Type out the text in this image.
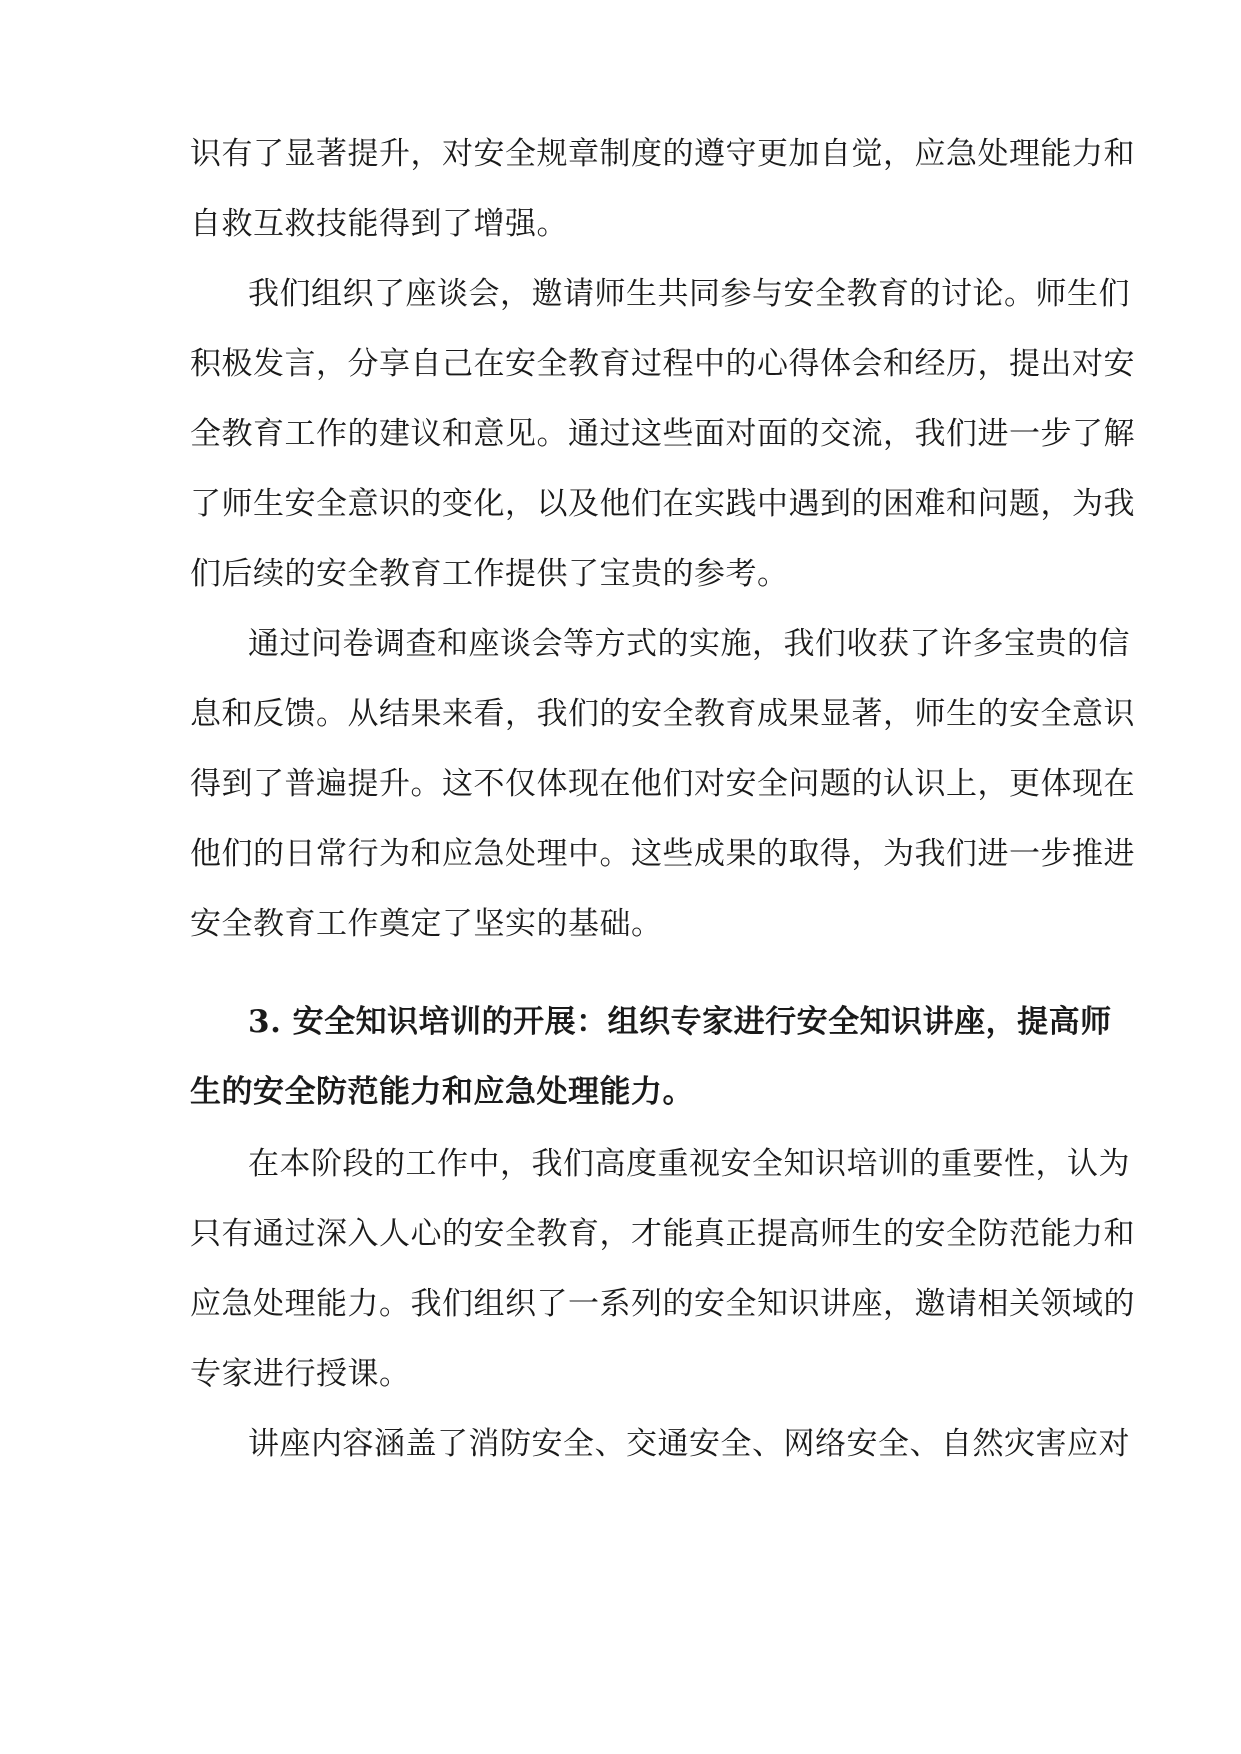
识有了显著提升，对安全规章制度的遵守更加自觉，应急处理能力和
自救互救技能得到了增强。
我们组织了座谈会，邀请师生共同参与安全教育的讨论。师生们
积极发言，分享自己在安全教育过程中的心得体会和经历，提出对安
全教育工作的建议和意见。通过这些面对面的交流，我们进一步了解
了师生安全意识的变化，以及他们在实践中遇到的困难和问题，为我
们后续的安全教育工作提供了宝贵的参考。
通过问卷调查和座谈会等方式的实施，我们收获了许多宝贵的信
息和反馈。从结果来看，我们的安全教育成果显著，师生的安全意识
得到了普遍提升。这不仅体现在他们对安全问题的认识上，更体现在
他们的日常行为和应急处理中。这些成果的取得，为我们进一步推进
安全教育工作奠定了坚实的基础。
3. 安全知识培训的开展：组织专家进行安全知识讲座，提高师
生的安全防范能力和应急处理能力。
在本阶段的工作中，我们高度重视安全知识培训的重要性，认为
只有通过深入人心的安全教育，才能真正提高师生的安全防范能力和
应急处理能力。我们组织了一系列的安全知识讲座，邀请相关领域的
专家进行授课。
讲座内容涵盖了消防安全、交通安全、网络安全、自然灾害应对
